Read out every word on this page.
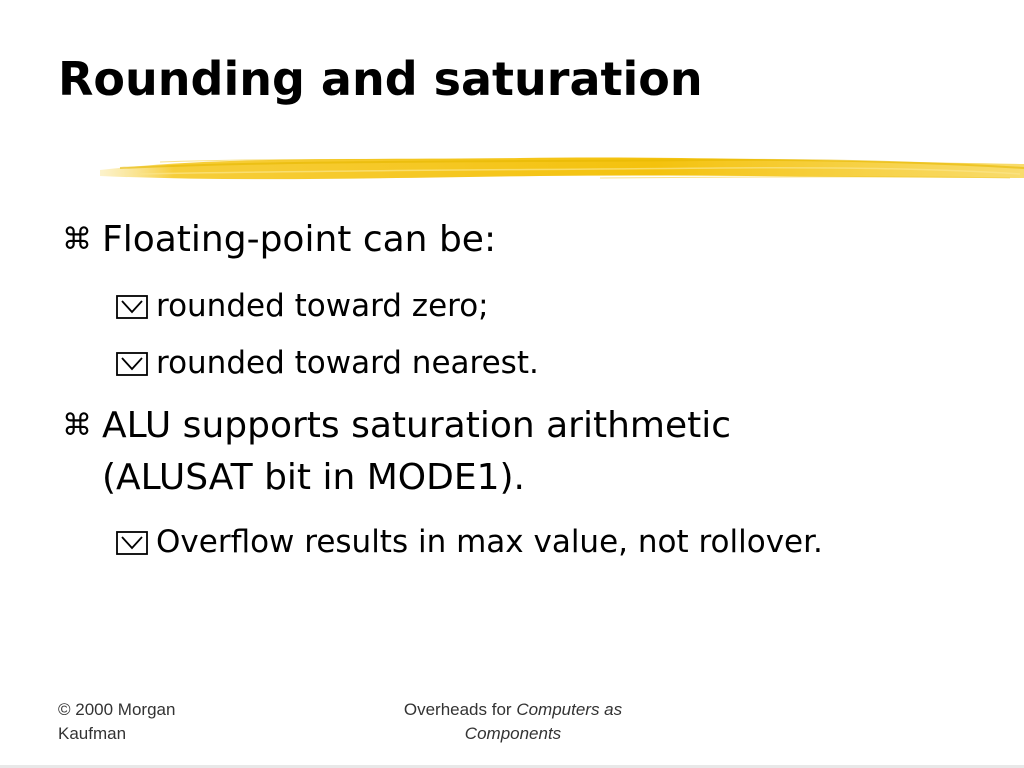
Rounding and saturation
⌘ Floating-point can be:
rounded toward zero;
rounded toward nearest.
⌘ ALU supports saturation arithmetic
(ALUSAT bit in MODE1).
Overflow results in max value, not rollover.
© 2000 Morgan Kaufman
Overheads for Computers as Components
